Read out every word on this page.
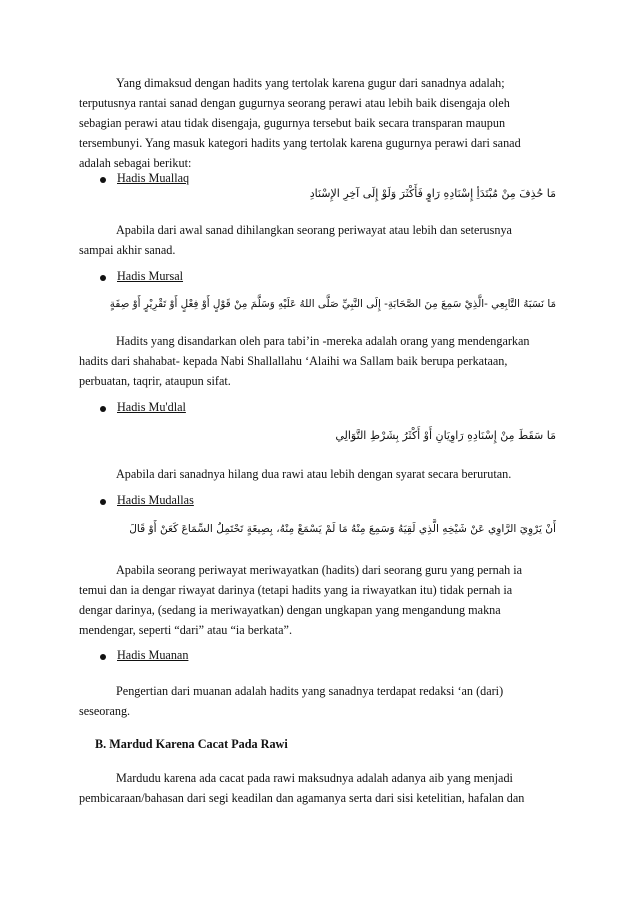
Yang dimaksud dengan hadits yang tertolak karena gugur dari sanadnya adalah;
terputusnya rantai sanad dengan gugurnya seorang perawi atau lebih baik disengaja oleh
sebagian perawi atau tidak disengaja, gugurnya tersebut baik secara transparan maupun
tersembunyi. Yang masuk kategori hadits yang tertolak karena gugurnya perawi dari sanad
adalah sebagai berikut:
Hadis Muallaq
مَا حُذِفَ مِنْ مُبْتَدَأِ إِسْنَادِهِ رَاوٍ فَأَكْثَرَ وَلَوْ إِلَى آخِرِ الإِسْنَادِ
Apabila dari awal sanad dihilangkan seorang periwayat atau lebih dan seterusnya
sampai akhir sanad.
Hadis Mursal
مَا نَسَبَهُ التَّابِعِي -الَّذِيْ سَمِعَ مِنَ الصَّحَابَةِ- إِلَى النَّبِيِّ صَلَّى اللهُ عَلَيْهِ وَسَلَّمَ مِنْ قَوْلٍ أَوْ فِعْلٍ أَوْ تَقْرِيْرٍ أَوْ صِفَةٍ
Hadits yang disandarkan oleh para tabi’in -mereka adalah orang yang mendengarkan
hadits dari shahabat- kepada Nabi Shallallahu ‘Alaihi wa Sallam baik berupa perkataan,
perbuatan, taqrir, ataupun sifat.
Hadis Mu'dlal
مَا سَقَطَ مِنْ إِسْنَادِهِ رَاوِيَانِ أَوْ أَكْثَرُ بِشَرْطِ التَّوَالِي
Apabila dari sanadnya hilang dua rawi atau lebih dengan syarat secara berurutan.
Hadis Mudallas
أَنْ يَرْوِيَ الرَّاوِي عَنْ شَيْخِهِ الَّذِي لَقِيَهُ وَسَمِعَ مِنْهُ مَا لَمْ يَسْمَعْ مِنْهُ، بِصِيغَةٍ تَحْتَمِلُ السِّمَاعَ كَعَنْ أَوْ قَالَ
Apabila seorang periwayat meriwayatkan (hadits) dari seorang guru yang pernah ia
temui dan ia dengar riwayat darinya (tetapi hadits yang ia riwayatkan itu) tidak pernah ia
dengar darinya, (sedang ia meriwayatkan) dengan ungkapan yang mengandung makna
mendengar, seperti “dari” atau “ia berkata”.
Hadis Muanan
Pengertian dari muanan adalah hadits yang sanadnya terdapat redaksi ‘an (dari)
seseorang.
B. Mardud Karena Cacat Pada Rawi
Mardudu karena ada cacat pada rawi maksudnya adalah adanya aib yang menjadi
pembicaraan/bahasan dari segi keadilan dan agamanya serta dari sisi ketelitian, hafalan dan
